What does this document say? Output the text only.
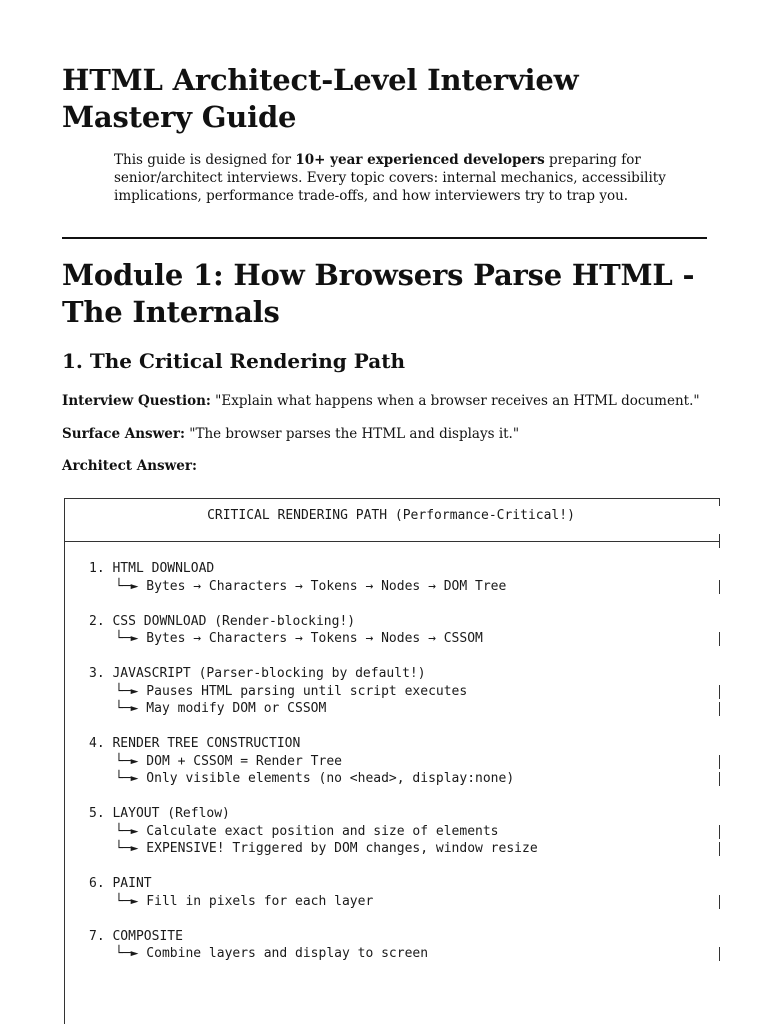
HTML Architect-Level Interview Mastery Guide
This guide is designed for 10+ year experienced developers preparing for senior/architect interviews. Every topic covers: internal mechanics, accessibility implications, performance trade-offs, and how interviewers try to trap you.
Module 1: How Browsers Parse HTML - The Internals
1. The Critical Rendering Path
Interview Question: "Explain what happens when a browser receives an HTML document."
Surface Answer: "The browser parses the HTML and displays it."
Architect Answer:
CRITICAL RENDERING PATH (Performance-Critical!)
1. HTML DOWNLOAD
└─► Bytes → Characters → Tokens → Nodes → DOM Tree
2. CSS DOWNLOAD (Render-blocking!)
└─► Bytes → Characters → Tokens → Nodes → CSSOM
3. JAVASCRIPT (Parser-blocking by default!)
└─► Pauses HTML parsing until script executes
└─► May modify DOM or CSSOM
4. RENDER TREE CONSTRUCTION
└─► DOM + CSSOM = Render Tree
└─► Only visible elements (no <head>, display:none)
5. LAYOUT (Reflow)
└─► Calculate exact position and size of elements
└─► EXPENSIVE! Triggered by DOM changes, window resize
6. PAINT
└─► Fill in pixels for each layer
7. COMPOSITE
└─► Combine layers and display to screen
